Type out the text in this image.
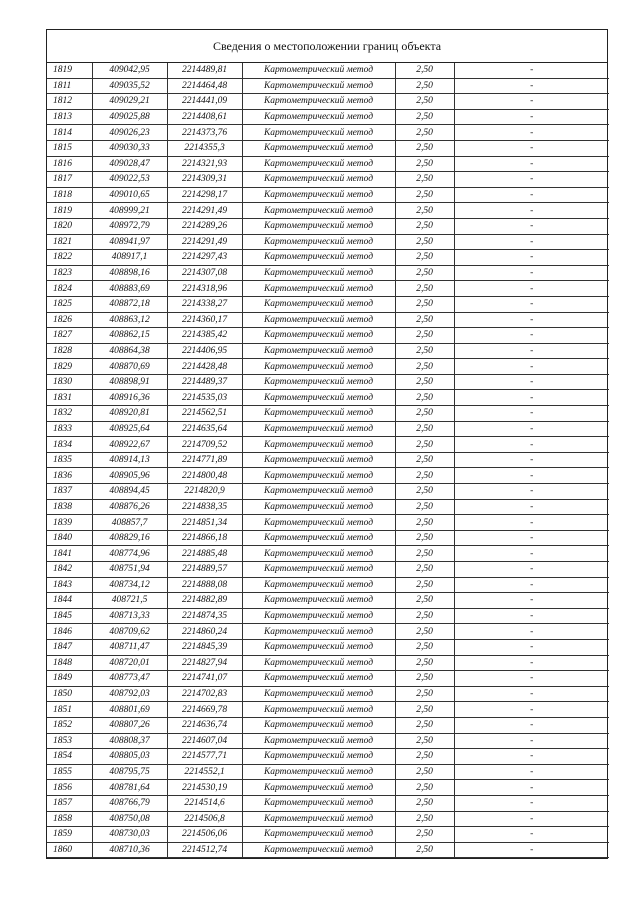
Сведения о местоположении границ объекта
1819	409042,95	2214489,81	Картометрический метод	2,50	-
1811	409035,52	2214464,48	Картометрический метод	2,50	-
1812	409029,21	2214441,09	Картометрический метод	2,50	-
1813	409025,88	2214408,61	Картометрический метод	2,50	-
1814	409026,23	2214373,76	Картометрический метод	2,50	-
1815	409030,33	2214355,3	Картометрический метод	2,50	-
1816	409028,47	2214321,93	Картометрический метод	2,50	-
1817	409022,53	2214309,31	Картометрический метод	2,50	-
1818	409010,65	2214298,17	Картометрический метод	2,50	-
1819	408999,21	2214291,49	Картометрический метод	2,50	-
1820	408972,79	2214289,26	Картометрический метод	2,50	-
1821	408941,97	2214291,49	Картометрический метод	2,50	-
1822	408917,1	2214297,43	Картометрический метод	2,50	-
1823	408898,16	2214307,08	Картометрический метод	2,50	-
1824	408883,69	2214318,96	Картометрический метод	2,50	-
1825	408872,18	2214338,27	Картометрический метод	2,50	-
1826	408863,12	2214360,17	Картометрический метод	2,50	-
1827	408862,15	2214385,42	Картометрический метод	2,50	-
1828	408864,38	2214406,95	Картометрический метод	2,50	-
1829	408870,69	2214428,48	Картометрический метод	2,50	-
1830	408898,91	2214489,37	Картометрический метод	2,50	-
1831	408916,36	2214535,03	Картометрический метод	2,50	-
1832	408920,81	2214562,51	Картометрический метод	2,50	-
1833	408925,64	2214635,64	Картометрический метод	2,50	-
1834	408922,67	2214709,52	Картометрический метод	2,50	-
1835	408914,13	2214771,89	Картометрический метод	2,50	-
1836	408905,96	2214800,48	Картометрический метод	2,50	-
1837	408894,45	2214820,9	Картометрический метод	2,50	-
1838	408876,26	2214838,35	Картометрический метод	2,50	-
1839	408857,7	2214851,34	Картометрический метод	2,50	-
1840	408829,16	2214866,18	Картометрический метод	2,50	-
1841	408774,96	2214885,48	Картометрический метод	2,50	-
1842	408751,94	2214889,57	Картометрический метод	2,50	-
1843	408734,12	2214888,08	Картометрический метод	2,50	-
1844	408721,5	2214882,89	Картометрический метод	2,50	-
1845	408713,33	2214874,35	Картометрический метод	2,50	-
1846	408709,62	2214860,24	Картометрический метод	2,50	-
1847	408711,47	2214845,39	Картометрический метод	2,50	-
1848	408720,01	2214827,94	Картометрический метод	2,50	-
1849	408773,47	2214741,07	Картометрический метод	2,50	-
1850	408792,03	2214702,83	Картометрический метод	2,50	-
1851	408801,69	2214669,78	Картометрический метод	2,50	-
1852	408807,26	2214636,74	Картометрический метод	2,50	-
1853	408808,37	2214607,04	Картометрический метод	2,50	-
1854	408805,03	2214577,71	Картометрический метод	2,50	-
1855	408795,75	2214552,1	Картометрический метод	2,50	-
1856	408781,64	2214530,19	Картометрический метод	2,50	-
1857	408766,79	2214514,6	Картометрический метод	2,50	-
1858	408750,08	2214506,8	Картометрический метод	2,50	-
1859	408730,03	2214506,06	Картометрический метод	2,50	-
1860	408710,36	2214512,74	Картометрический метод	2,50	-
